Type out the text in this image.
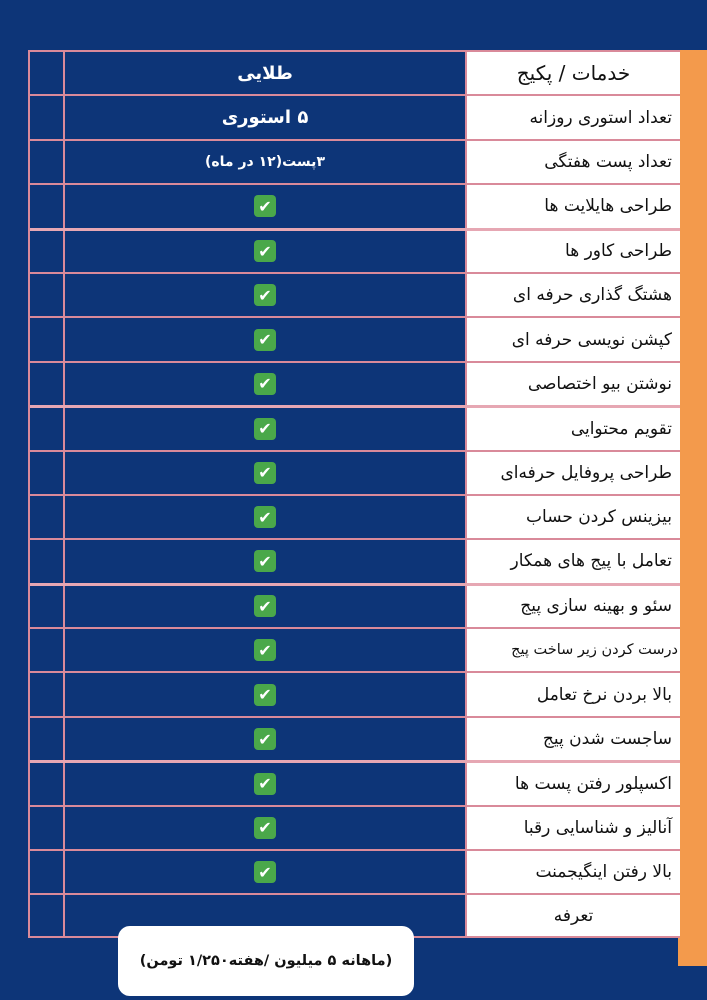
طلایی	خدمات / پکیج
۵ استوری	تعداد استوری روزانه
۳پست(۱۲ در ماه)	تعداد پست هفتگی
✔	طراحی هایلایت ها
✔	طراحی کاور ها
✔	هشتگ گذاری حرفه ای
✔	کپشن نویسی حرفه ای
✔	نوشتن بیو اختصاصی
✔	تقویم محتوایی
✔	طراحی پروفایل حرفه‌ای
✔	بیزینس کردن حساب
✔	تعامل با پیج های همکار
✔	سئو و بهینه سازی پیج
✔	درست کردن زیر ساخت پیج
✔	بالا بردن نرخ تعامل
✔	ساجست شدن پیج
✔	اکسپلور رفتن پست ها
✔	آنالیز و شناسایی رقبا
✔	بالا رفتن اینگیجمنت
تعرفه
(ماهانه ۵ میلیون /هفته۱/۲۵۰ تومن)
